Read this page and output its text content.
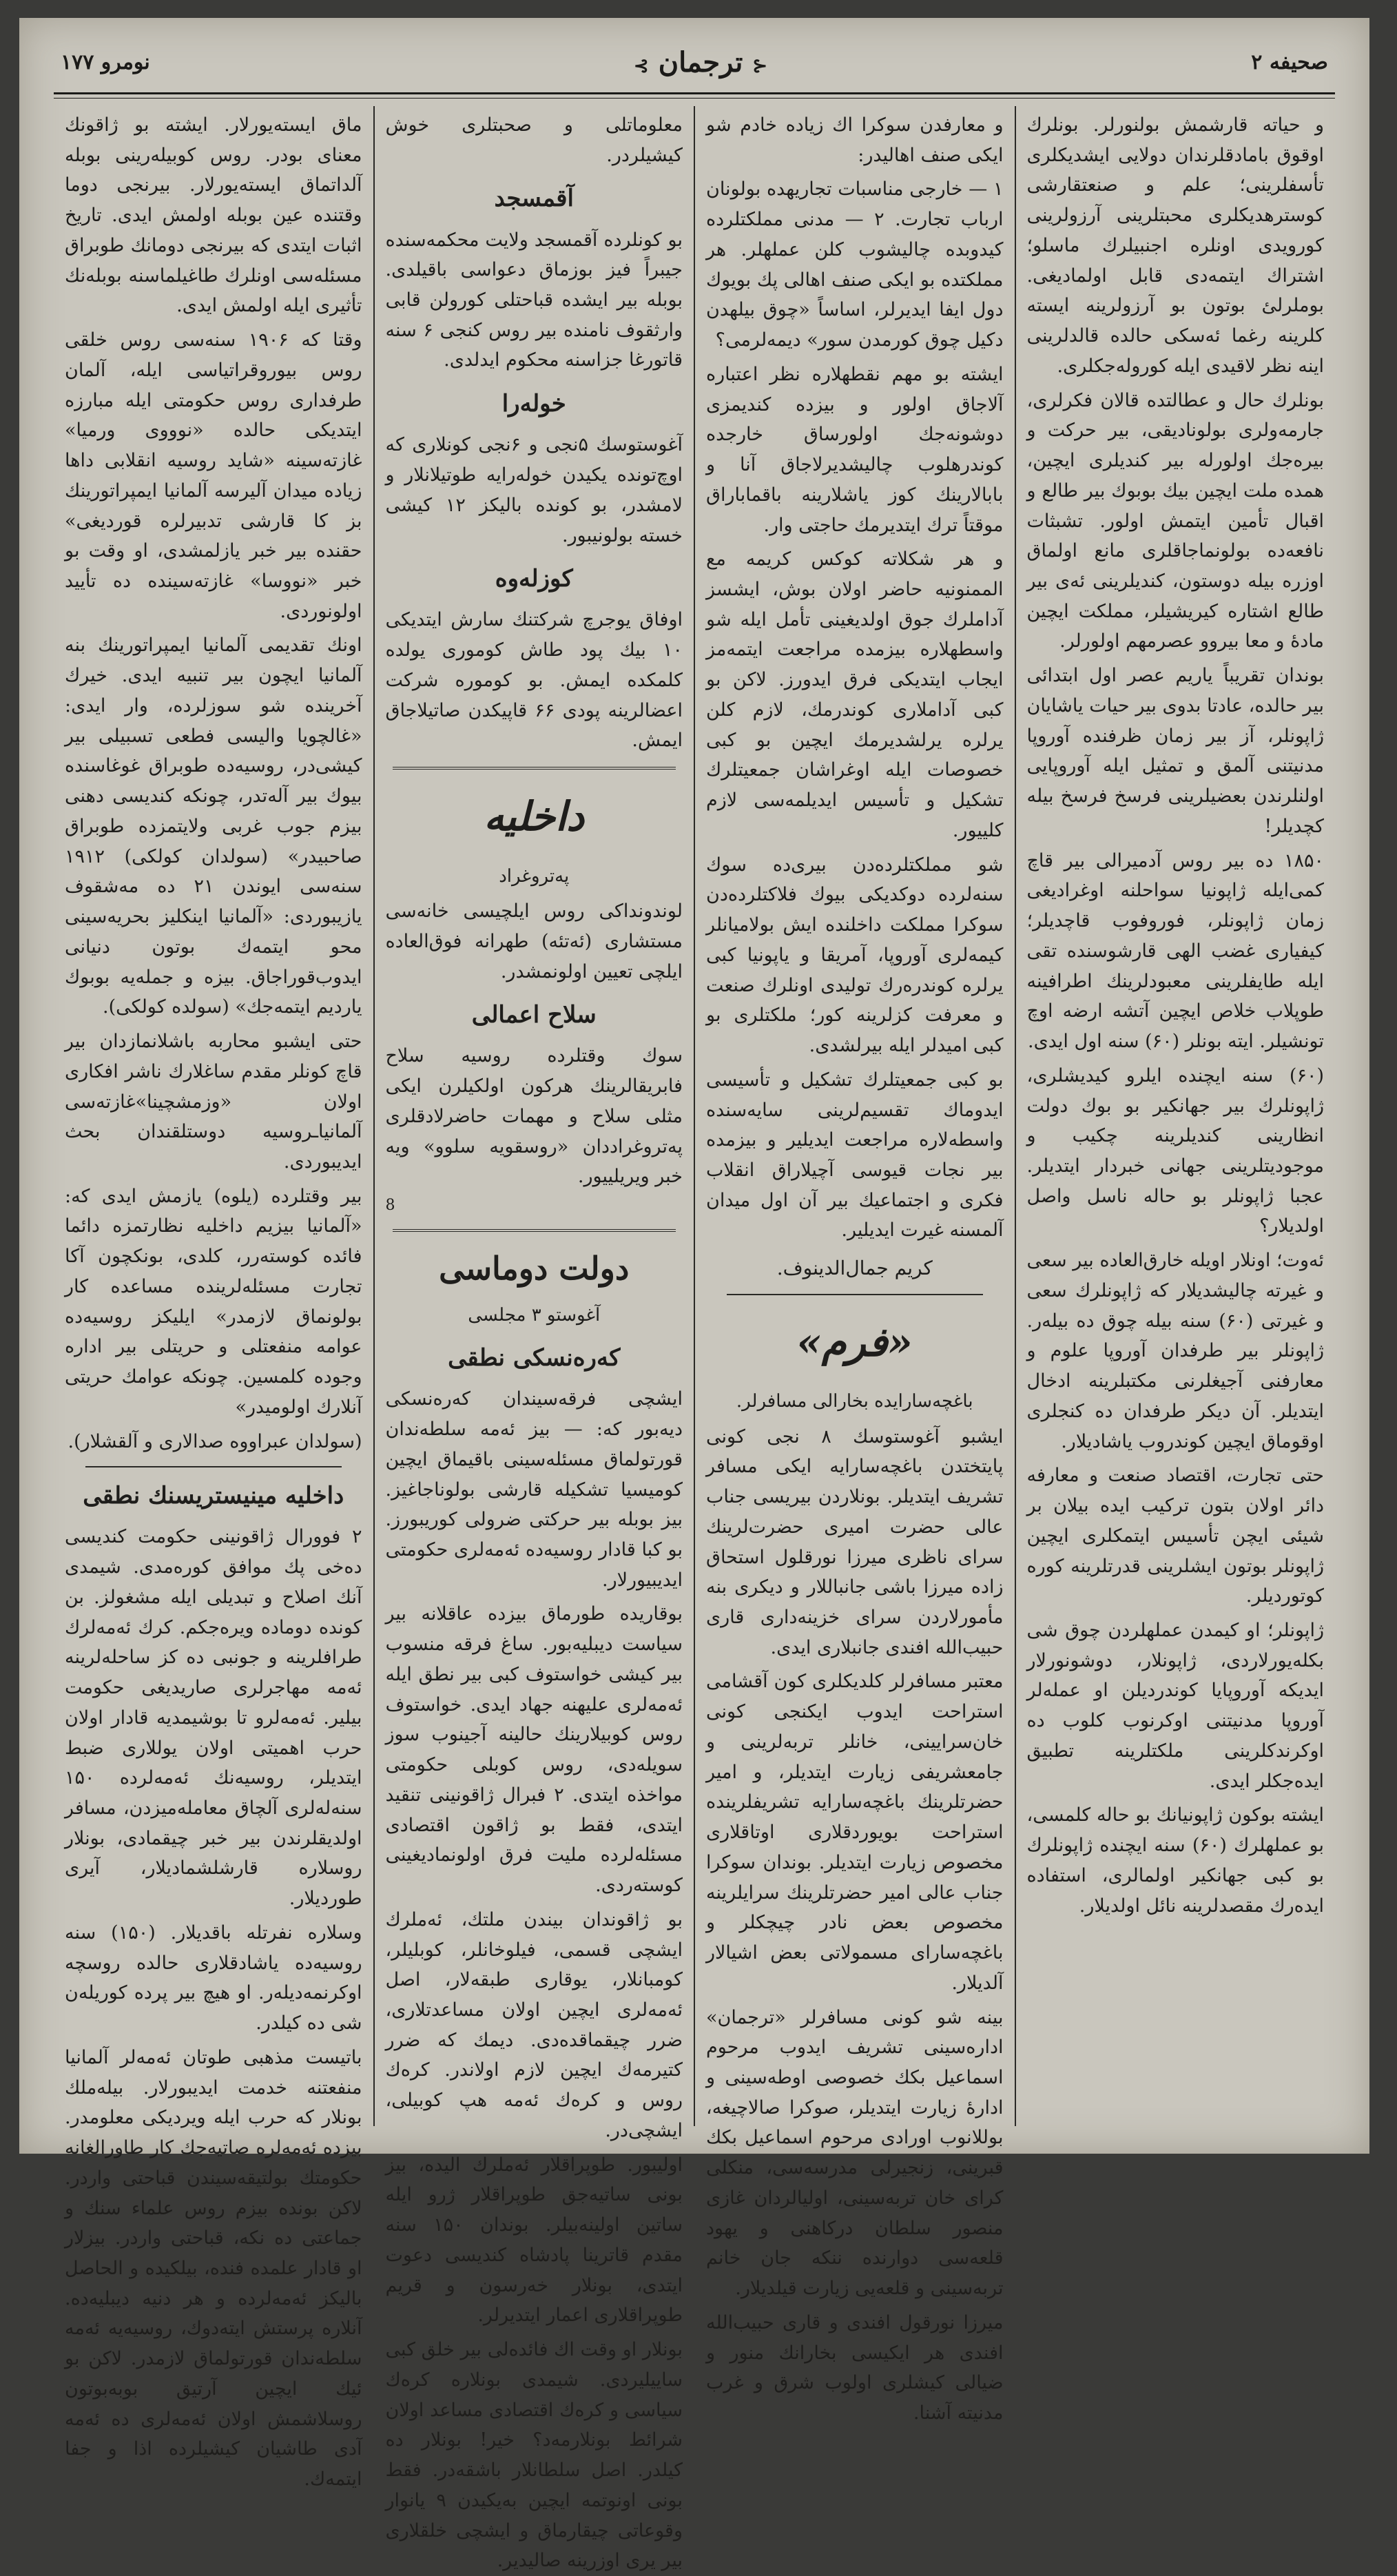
صحیفه ۲
⊰ ترجمان ⊱
نومرو ۱۷۷
و حیاته قارشمش بولنورلر. بونلرك اوقوق بامادقلرندان دولایی ایشدیکلری تأسفلرینی؛ علم و صنعتقارشی کوسترهدیکلری محبتلرینی آرزولرینی کورویدی اونلره اجنبیلرك ماسلو؛ اشتراك ایتمه‌دی قابل اولمادیغی. بوملرلئ بوتون بو آرزولرینه ایسته کلرینه رغما ئه‌سکی حالده قالدلرینی اینه نظر لاقیدی ایله کوروله‌جکلری.
بونلرك حال و عطالتده قالان فکرلری، جارمه‌ولری بولونادیقی، بیر حرکت و بیره‌جك اولورله بیر کندیلری ایچین، همده ملت ایچین بیك بوبوك بیر طالع و اقبال تأمین ایتمش اولور. تشبثات نافعه‌ده بولونماجاقلری مانع اولماق اوزره بیله دوستون، کندیلرینی ئه‌ی بیر طالع اشتاره کیریشیلر، مملکت ایچین مادهٔ و معا بیروو عصرمهم اولورلر.
بوندان تقریباً یاریم عصر اول ابتدائی بیر حالده، عادتا بدوی بیر حیات یاشایان ژاپونلر، آز بیر زمان ظرفنده آوروپا مدنیتنی آلمق و تمثیل ایله آوروپایی اولنلرندن بعضیلرینی فرسخ فرسخ بیله کچدیلر!
۱۸۵۰ ده بیر روس آدمیرالی بیر قاچ کمی‌ایله ژاپونیا سواحلنه اوغرادیغی زمان ژاپونلر، فوروفوب قاچدیلر؛ کیفیاری غضب الهی قارشوسنده تقی ایله طایفلرینی معبودلرینك اطرافینه طوپلاب خلاص ایچین آتشه ارضه اوچ تونشیلر. ایته بونلر (۶۰) سنه اول ایدی.
(۶۰) سنه ایچنده ایلرو کیدیشلری، ژاپونلرك بیر جهانکیر بو بوك دولت انظارینی کندیلرینه چکیب و موجودیتلرینی جهانی خبردار ایتدیلر. عجبا ژاپونلر بو حاله ناسل واصل اولدیلار؟
ئه‌وت؛ اونلار اویله خارق‌العاده بیر سعی و غیرته چالیشدیلار که ژاپونلرك سعی و غیرتی (۶۰) سنه بیله چوق ده بیله‌ر. ژاپونلر بیر طرفدان آوروپا علوم و معارفنی آجیغلرنی مکتبلرینه ادخال ایتدیلر. آن دیکر طرفدان ده کنجلری اوقوماق ایچین کوندروب یاشادیلار.
حتی تجارت، اقتصاد صنعت و معارفه دائر اولان بتون ترکیب ایده بیلان بر شیئی ایچن تأسیس ایتمکلری ایچین ژاپونلر بوتون ایشلرینی قدرتلرینه کوره کوتوردیلر.
ژاپونلر؛ او کیمدن عملهلردن چوق شی بکله‌یورلاردی، ژاپونلار، دوشونورلار ایدیکه آوروپایا کوندردیلن او عمله‌لر آوروپا مدنیتنی اوکرنوب کلوب ده اوکرندکلرینی ملکتلرینه تطبیق ایده‌جکلر ایدی.
ایشته بوکون ژاپونیانك بو حاله کلمسی، بو عملهلرك (۶۰) سنه ایچنده ژاپونلرك بو کبی جهانکیر اولمالری، استفاده ایده‌رك مقصدلرینه نائل اولدیلار.
و معارفدن سوکرا اك زیاده خادم شو ایکی صنف اهالیدر:
۱ — خارجی مناسبات تجاریهده بولونان ارباب تجارت. ۲ — مدنی مملکتلرده کیدوبده چالیشوب کلن عملهلر. هر مملکتده بو ایکی صنف اهالی پك بویوك دول ایفا ایدیرلر، اساساً «چوق بیلهدن دکیل چوق کورمدن سور» دیمه‌لرمی؟
ایشته بو مهم نقطهلاره نظر اعتباره آلاجاق اولور و بیزده کندیمزی دوشونه‌جك اولورساق خارجده کوندرهلوب چالیشدیرلاجاق آنا و بابالارینك کوز یاشلارینه باقماباراق موقتاً ترك ایتدیرمك حاجتی وار.
و هر شکلاته کوکس کریمه مع الممنونیه حاضر اولان بوش، ایشسز آداملرك جوق اولدیغینی تأمل ایله شو واسطهلاره بیزمده مراجعت ایتمه‌مز ایجاب ایتدیکی فرق ایدورز. لاکن بو کبی آداملاری کوندرمك، لازم کلن یرلره یرلشدیرمك ایچین بو کبی خصوصات ایله اوغراشان جمعیتلرك تشکیل و تأسیس ایدیلمه‌سی لازم کلییور.
شو مملکتلرده‌دن بیری‌ده سوك سنه‌لرده دوکدیکی بیوك فلاکتلرده‌دن سوکرا مملکت داخلنده ایش بولامیانلر کیمه‌لری آوروپا، آمریقا و یاپونیا کبی یرلره کوندره‌رك تولیدی اونلرك صنعت و معرفت کزلرینه کور؛ ملکتلری بو کبی امیدلر ایله بیرلشدی.
بو کبی جمعیتلرك تشکیل و تأسیسی ایدوماك تقسیم‌لرینی سایه‌سنده واسطه‌لاره مراجعت ایدیلیر و بیزمده بیر نجات قیوسی آچیلاراق انقلاب فکری و اجتماعیك بیر آن اول میدان آلمسنه غیرت ایدیلیر.
کریم جمال‌الدینوف.
«فرم»
باغچه‌سارایده بخارالی مسافرلر.
ایشبو آغوستوسك ۸ نجی کونی پایتختدن باغچه‌سارایه ایکی مسافر تشریف ایتدیلر. بونلاردن بیریسی جناب عالی حضرت امیری حضرت‌لرینك سرای ناظری میرزا نورقلول استحاق زاده میرزا باشی جانباللار و دیکری بنه مأمورلاردن سرای خزینه‌داری قاری حبیب‌الله افندی جانبلاری ایدی.
معتبر مسافرلر کلدیکلری کون آقشامی استراحت ایدوب ایکنجی کونی خان‌سرایینی، خانلر تربه‌لرینی و جامعشریفی زیارت ایتدیلر، و امیر حضرتلرینك باغچه‌سارایه تشریفلرینده استراحت بویوردقلاری اوتاقلاری مخصوص زیارت ایتدیلر. بوندان سوکرا جناب عالی امیر حضرتلرینك سرایلرینه مخصوص بعض نادر چیچکلر و باغچه‌سارای مسمولاتی بعض اشیالار آلدیلار.
بینه شو کونی مسافرلر «ترجمان» اداره‌سینی تشریف ایدوب مرحوم اسماعیل بکك خصوصی اوطه‌سینی و ادارهٔ زیارت ایتدیلر، صوکرا صالاچیغه، بوللانوب اورادی مرحوم اسماعیل بکك قبرینی، زنجیرلی مدرسه‌سی، منکلی کرای خان تربه‌سینی، اولیالردان غازی منصور سلطان درکاهنی و یهود قلعه‌سی دوارنده ننکه جان خانم تربه‌سینی و قلعه‌یی زیارت قیلدیلار.
میرزا نورقول افندی و قاری حبیب‌الله افندی هر ایکیسی بخارانك منور و ضیالی کیشلری اولوب شرق و غرب مدنیته آشنا.
معلوماتلی و صحبتلری خوش کیشیلردر.
آقمسجد
بو کونلرده آقمسجد ولایت محکمه‌سنده جیبراً فیز بوزماق دعواسی باقیلدی. بوبله بیر ایشده قباحتلی کورولن قابی وارثقوف نامنده بیر روس کنجی ۶ سنه قاتورغا جزاسنه محکوم ایدلدی.
خوله‌را
آغوستوسك ۵نجی و ۶نجی کونلاری که اوچ‌تونده یکیدن خوله‌رایه طوتیلانلار و لامشدر، بو کونده بالیکز ۱۲ کیشی خسته بولونیبور.
کوزله‌وه
اوفاق یوجرچ شرکتنك سارش ایتدیکی ۱۰ بیك پود طاش کوموری یولده کلمکده ایمش. بو کوموره شرکت اعضالرینه پودی ۶۶ قاپیکدن صاتیلاجاق ایمش.
داخلیه
پەتروغراد
لوندونداکی روس ایلچیسی خانه‌سی مستشاری (ئه‌تئه) طهرانه فوق‌العاده ایلچی تعیین اولونمشدر.
سلاح اعمالی
سوك وقتلرده روسیه سلاح فابریقالرینك هرکون اولکیلرن ایکی مثلی سلاح و مهمات حاضرلادقلری پەتروغراددان «روسقویه سلوو» ویه خبر ویریلییور.
8
دولت دوماسی
آغوستو ۳ مجلسی
کەرەنسکی نطقی
ایشچی فرقه‌سیندان کەرەنسکی دیەبور که: — بیز ئه‌مه سلطەندان قورتولماق مسئله‌سینی باقیماق ایچین کومیسیا تشکیله قارشی بولوناجاغیز. بیز بوبله بیر حرکتی ضرولی کوریبورز. بو کبا قادار روسیه‌ده ئه‌مه‌لری حکومتی ایدیبیورلار.
بوقاریده طورماق بیزده عاقلانه بیر سیاست دیبلیه‌بور. ساغ فرقه منسوب بیر کیشی خواستوف کبی بیر نطق ایله ئه‌مه‌لری علیهنه جهاد ایدی. خواستوف روس کوبیلارینك حالینه آجینوب سوز سویلەدی، روس کوبلی حکومتی مواخذه ایتدی. ۲ فبرال ژاقونینی تنقید ایتدی، فقط بو ژاقون اقتصادی مسئلەلردە ملیت فرق اولونمادیغینی کوستەردی.
بو ژاقوندان بیندن ملتك، ئه‌ملرك ایشچی قسمی، فیلوخانلر، کوبلیلر، کومبانلار، یوقاری طبقه‌لار، اصل ئه‌مه‌لری ایچین اولان مساعدتلاری، ضرر چیقماقده‌دی. دیمك که ضرر کتیرمەك ایچین لازم اولاندر. کرەك روس و کرەك ئه‌مه هپ کوبیلی، ایشچی‌در.
اولیبور. طوپراقلار ئه‌ملرك الیدە، بیز بونی ساتیه‌جق طوپراقلار ژرو ایله ساتین اولینه‌بیلر. بوندان ۱۵۰ سنه مقدم قاترینا پادشاه کندیسی دعوت ایتدی، بونلار خەرسون و قریم طوپراقلاری اعمار ایتدیرلر.
بونلار او وقت اك فائدەلی بیر خلق کبی ساییلیردی. شیمدی بونلارە کرەك سیاسی و کرەك اقتصادی مساعد اولان شرائط بونلارمەد؟ خیر! بونلار ده کیلدر. اصل سلطانلار باشقەدر. فقط بونی اونوتمه ایچین بەیکیدن ۹ یانوار وقوعاتی چیقارماق و ایشچی خلقلاری بیر یری اوزرینه صالیدیر.
ماق ایسته‌یورلار. ایشته بو ژاقونك معنای بودر. روس کوبیلەرینی بوبله آلداتماق ایستەیورلار. بیرنجی دوما وقتندە عین بوبله اولمش ایدی. تاریخ اثبات ایتدی که بیرنجی دومانك طوبراق مسئله‌سی اونلرك طاغیلماسنە بوبلەنك تأثیری ایله اولمش ایدی.
وقتا که ۱۹۰۶ سنه‌سی روس خلقی روس بیوروقراتیا‌سی ایله، آلمان طرفداری روس حکومتی ایله مبارزه ایتدیکی حالده «نوووی ورمیا» غازته‌سینه «شاید روسیه انقلابی داها زیاده میدان آلیرسه آلمانیا ایمپراتورینك بز کا قارشی تدبیرلرە قوردیغی» حقنده بیر خبر یازلمشدی، او وقت بو خبر «نووسا» غازته‌سیندە ده تأیید اولونوردی.
اونك تقدیمی آلمانیا ایمپراتورینك بنه آلمانیا ایچون بیر تنبیه ایدی. خیرك آخرینده شو سوزلرده، وار ایدی: «غالچویا والیسی فطعی تسبیلی بیر کیشی‌در، روسیه‌ده طوبراق غوغاسنده بیوك بیر آلەتدر، چونکه کندیسی دهنی بیزم جوب غربی ولایتمزده طوبراق صاحبیدر» (سولدان کولکی) ۱۹۱۲ سنه‌سی ایوندن ۲۱ ده مه‌شقوف یازیبوردی: «آلمانیا اینکلیز بحریه‌سینی محو ایتمەك بوتون دنیانی ایدوب‌قوراجاق. بیزە و جملەیە بوبوك یاردیم ایتمەجك» (سولدە کولکی).
حتی ایشبو محاربه باشلانمازدان بیر قاچ کونلر مقدم ساغلارك ناشر افکاری اولان «وزمشچینا»غازته‌سی آلمانیا‌ـروسیه دوستلقندان بحث ایدیبوردی.
بیر وقتلرده (یلوه) یازمش ایدی که: «آلمانیا بیزیم داخلیه نظارتمزه دائما فائده کوستەرر، کلدی، بونکچون آکا تجارت مسئلەلرینده مساعده کار بولونماق لازمدر» ایلیکز روسیه‌ده عوامه منفعتلی و حریتلی بیر اداره وجوده کلمسین. چونکه عوامك حریتی آنلارك اولومیدر»
(سولدان عبراووه صدالاری و آلقشلار).
داخلیه مینیستریسنك نطقی
۲ فوورال ژاقونینی حکومت کندیسی دەخی پك موافق کورەمدی. شیمدی آنك اصلاح و تبدیلی ایله مشغولز. بن کونده دوماده ویرەجکم. کرك ئه‌مه‌لرك طرافلرینه و جونبی ده کز ساحلەلرینە ئه‌مه مهاجرلری صاریدیغی حکومت بیلیر. ئه‌مه‌لرو تا بوشیمدیه قادار اولان حرب اهمیتی اولان یوللاری ضبط ایتدیلر، روسیه‌نك ئه‌مه‌لرده ۱۵۰ سنه‌لەلری آلچاق معاملەمیزدن، مسافر اولدیقلرندن بیر خبر چیقمادی، بونلار روسلاره قارشلشمادیلار، آیری طوردیلار.
وسلاره نفرتله باقدیلار. (۱۵۰) سنه روسیه‌ده یاشادقلاری حالده روسچه اوکرنمه‌دیلەر. او هیچ بیر پرده کوریلەن شی ده کیلدر.
باتیست مذهبی طوتان ئه‌مه‌لر آلمانیا منفعتنه خدمت ایدیبورلار. بیلەملك بونلار که حرب ایلە ویردیکی معلومدر. بیزده ئه‌مه‌لره صاتیەجك کار طاورالغانه حکومتك بولتیقه‌سیندن قباحتی واردر. لاکن بونده بیزم روس علماء سنك و جماعتی ده نکه، قباحتی واردر. بیزلار او قادار علمده فنده، بیلکیده و الحاصل بالیکز ئه‌مه‌لرده و هر دنیه دیبلیه‌ده. آنلاره پرستش ایتەدوك، روسیه‌یه ئه‌مه سلطەندان قورتولماق لازمدر. لاکن بو ئیك ایچین آرتیق بوبه‌بوتون روسلاشمش اولان ئه‌مه‌لری ده ئه‌مه آدی طاشیان کیشیلرده اذا و جفا ایتمەك.
